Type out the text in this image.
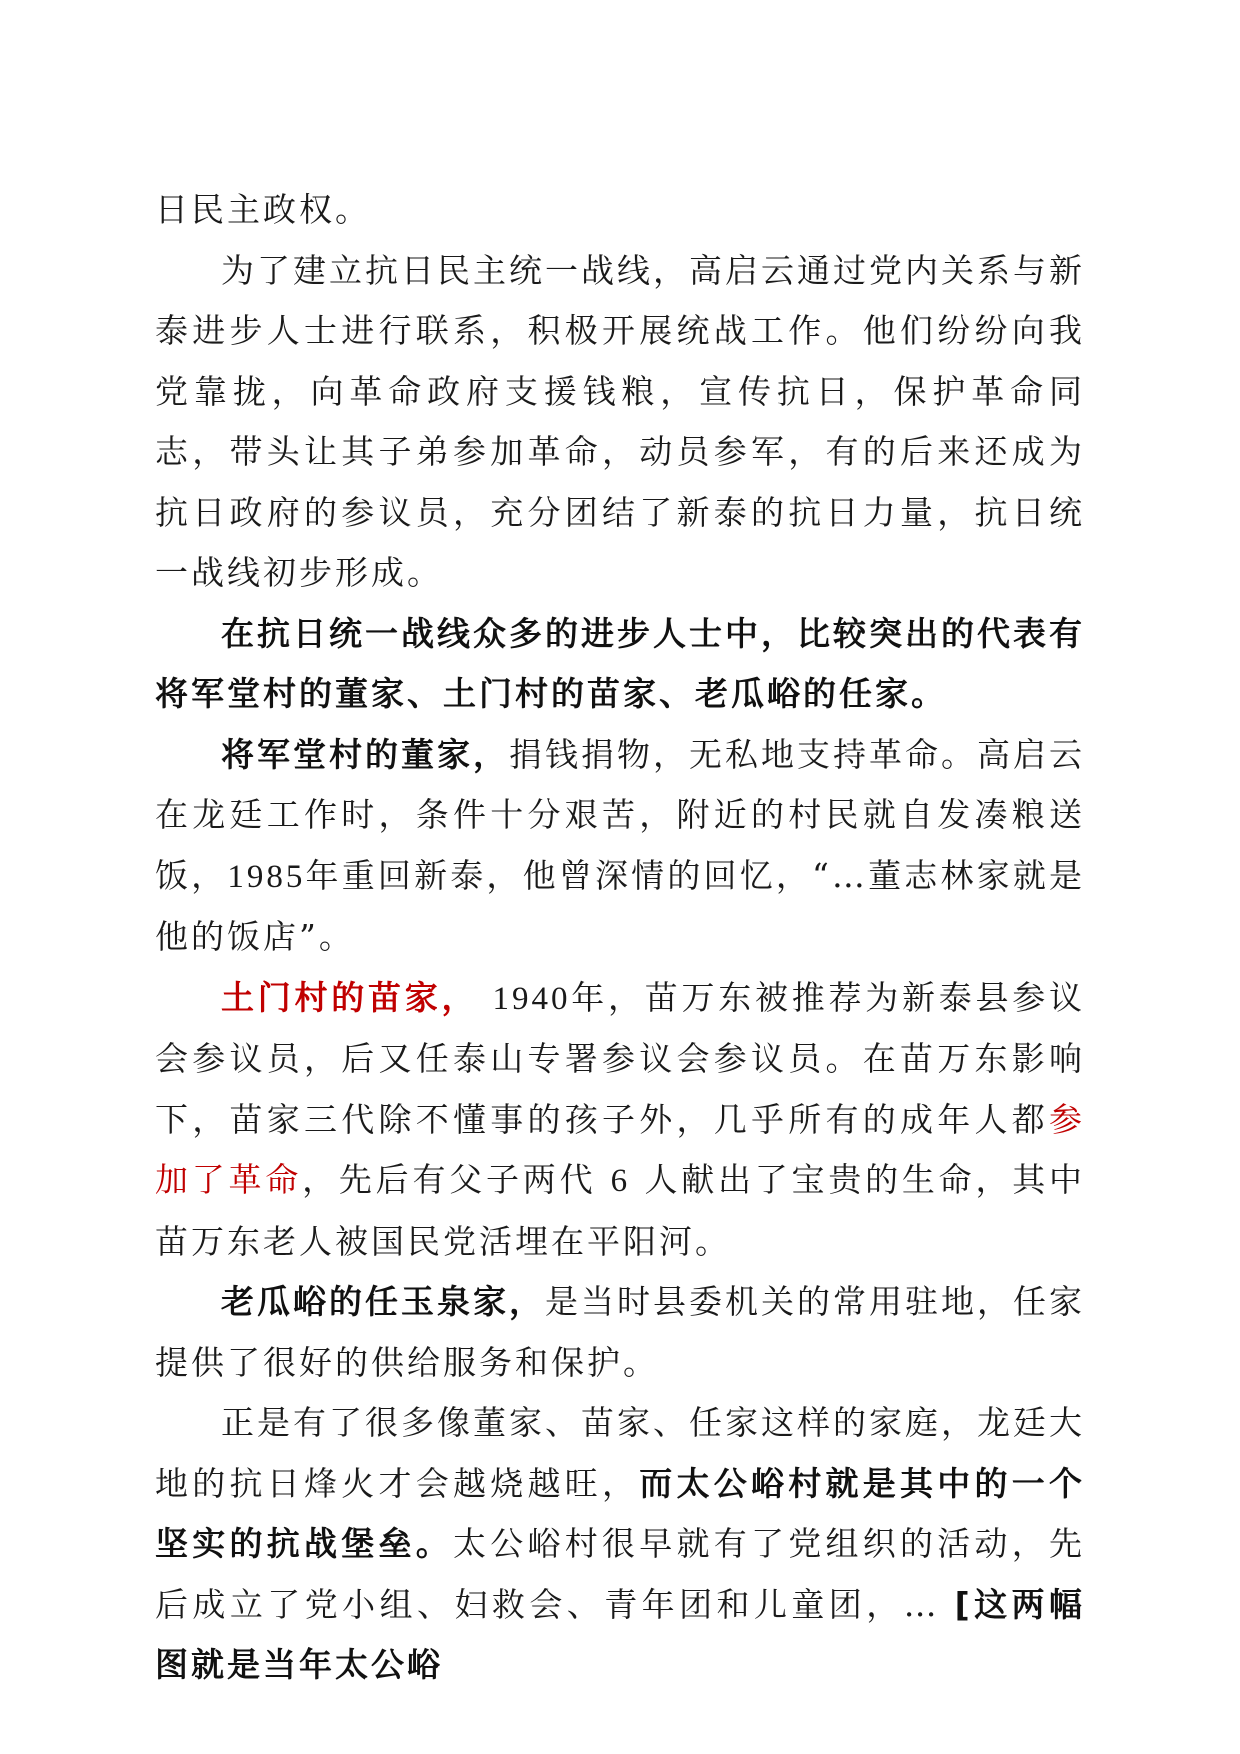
日民主政权。

为了建立抗日民主统一战线，高启云通过党内关系与新泰进步人士进行联系，积极开展统战工作。他们纷纷向我党靠拢，向革命政府支援钱粮，宣传抗日，保护革命同志，带头让其子弟参加革命，动员参军，有的后来还成为抗日政府的参议员，充分团结了新泰的抗日力量，抗日统一战线初步形成。

在抗日统一战线众多的进步人士中，比较突出的代表有将军堂村的董家、土门村的苗家、老瓜峪的任家。

将军堂村的董家，捐钱捐物，无私地支持革命。高启云在龙廷工作时，条件十分艰苦，附近的村民就自发凑粮送饭，1985年重回新泰，他曾深情的回忆，“…董志林家就是他的饭店”。

土门村的苗家， 1940年，苗万东被推荐为新泰县参议会参议员，后又任泰山专署参议会参议员。在苗万东影响下，苗家三代除不懂事的孩子外，几乎所有的成年人都参加了革命，先后有父子两代 6 人献出了宝贵的生命，其中苗万东老人被国民党活埋在平阳河。

老瓜峪的任玉泉家，是当时县委机关的常用驻地，任家提供了很好的供给服务和保护。

正是有了很多像董家、苗家、任家这样的家庭，龙廷大地的抗日烽火才会越烧越旺，而太公峪村就是其中的一个坚实的抗战堡垒。太公峪村很早就有了党组织的活动，先后成立了党小组、妇救会、青年团和儿童团，… [这两幅图就是当年太公峪
